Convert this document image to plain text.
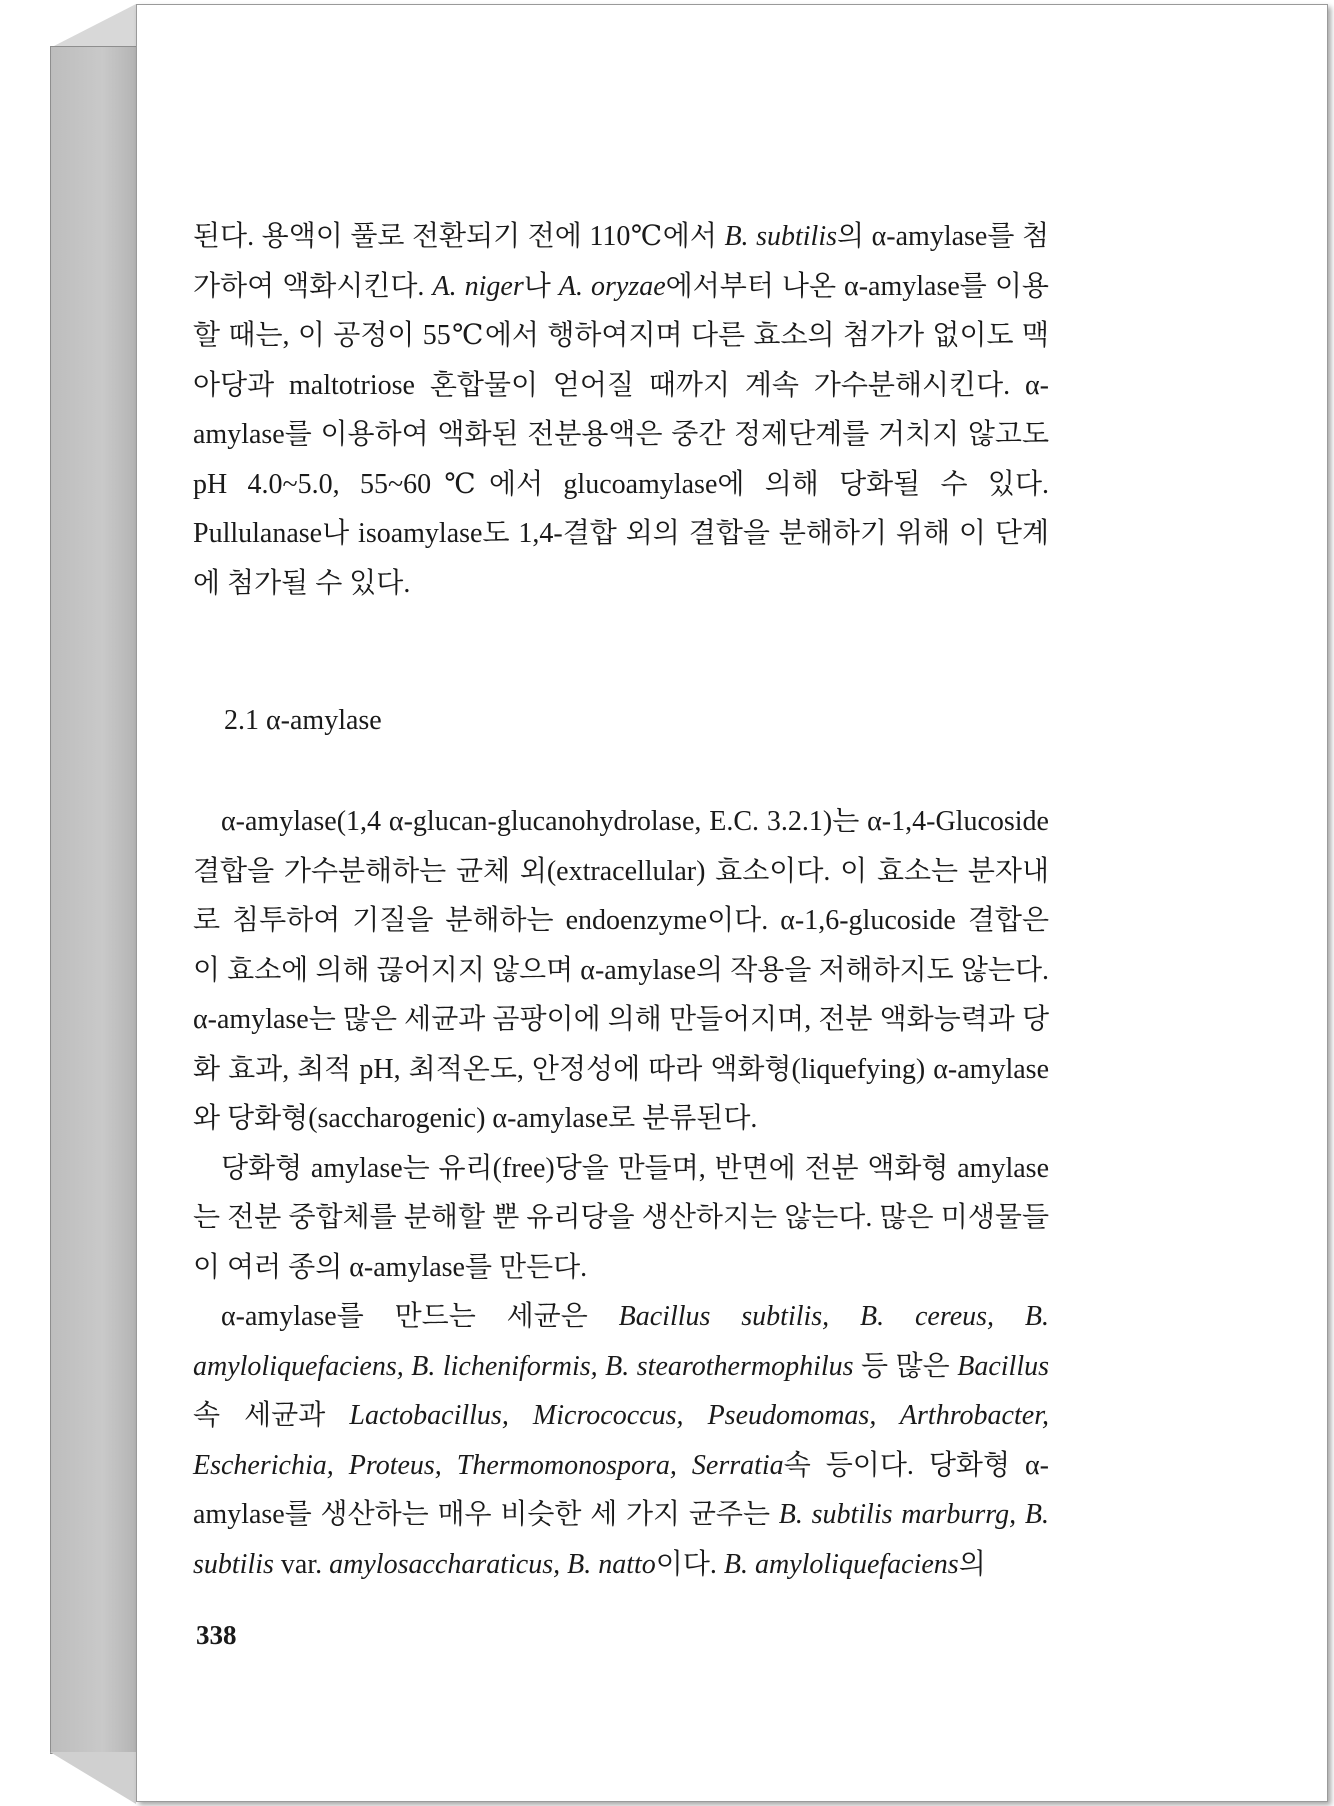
된다. 용액이 풀로 전환되기 전에 110℃에서 B. subtilis의 α-amylase를 첨가하여 액화시킨다. A. niger나 A. oryzae에서부터 나온 α-amylase를 이용할 때는, 이 공정이 55℃에서 행하여지며 다른 효소의 첨가가 없이도 맥아당과 maltotriose 혼합물이 얻어질 때까지 계속 가수분해시킨다. α-amylase를 이용하여 액화된 전분용액은 중간 정제단계를 거치지 않고도 pH 4.0~5.0, 55~60℃에서 glucoamylase에 의해 당화될 수 있다. Pullulanase나 isoamylase도 1,4-결합 외의 결합을 분해하기 위해 이 단계에 첨가될 수 있다.

2.1 α-amylase

α-amylase(1,4 α-glucan-glucanohydrolase, E.C. 3.2.1)는 α-1,4-Glucoside 결합을 가수분해하는 균체 외(extracellular) 효소이다. 이 효소는 분자내로 침투하여 기질을 분해하는 endoenzyme이다. α-1,6-glucoside 결합은 이 효소에 의해 끊어지지 않으며 α-amylase의 작용을 저해하지도 않는다. α-amylase는 많은 세균과 곰팡이에 의해 만들어지며, 전분 액화능력과 당화 효과, 최적 pH, 최적온도, 안정성에 따라 액화형(liquefying) α-amylase와 당화형(saccharogenic) α-amylase로 분류된다.

당화형 amylase는 유리(free)당을 만들며, 반면에 전분 액화형 amylase는 전분 중합체를 분해할 뿐 유리당을 생산하지는 않는다. 많은 미생물들이 여러 종의 α-amylase를 만든다.

α-amylase를 만드는 세균은 Bacillus subtilis, B. cereus, B. amyloliquefaciens, B. licheniformis, B. stearothermophilus 등 많은 Bacillus 속 세균과 Lactobacillus, Micrococcus, Pseudomomas, Arthrobacter, Escherichia, Proteus, Thermomonospora, Serratia속 등이다. 당화형 α-amylase를 생산하는 매우 비슷한 세 가지 균주는 B. subtilis marburrg, B. subtilis var. amylosaccharaticus, B. natto이다. B. amyloliquefaciens의

338
